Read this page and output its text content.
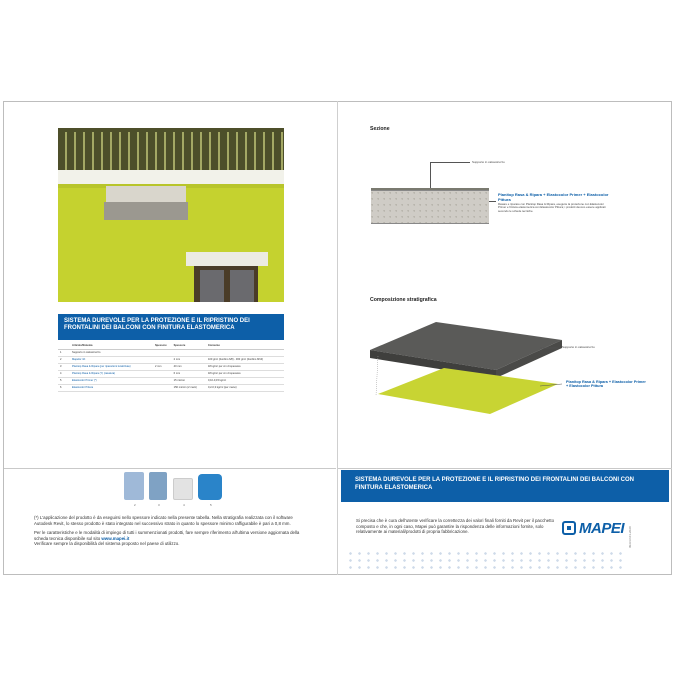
SISTEMA DUREVOLE PER LA PROTEZIONE E IL RIPRISTINO DEI FRONTALINI DEI BALCONI CON FINITURA ELASTOMERICA
	Articolo/Sistema	Spessore	Spessore	Consumo
1	Supporto in calcestruzzo			
2	Mapefer 1K		2 mm	100 g/m² (bordino 6/8) - 300 g/m² (bordino 8/10)
3	Planitop Rasa & Ripara (per riparazioni localizzate)	2 mm	40 mm	18 kg/m² per cm di spessore
4	Planitop Rasa & Ripara (Y) (rasatura)		6 mm	18 kg/m² per cm di spessore
5	Elastocolor Primer (*)		15 micron	0,10-0,15 kg/m²
6	Elastocolor Pittura		150 micron (2 mani)	0,2-0,3 kg/m² (per mano)
2	3	4	5

(*) L'applicazione del prodotto è da eseguirsi nello spessore indicato nella presente tabella. Nella stratigrafia realizzata con il software Autodesk Revit, lo stesso prodotto è stato integrato nel successivo strato in quanto lo spessore minimo raffigurabile è pari a 0,8 mm.

Per le caratteristiche e le modalità di impiego di tutti i summenzionati prodotti, fare sempre riferimento all'ultima versione aggiornata della scheda tecnica disponibile sul sito www.mapei.it
Verificare sempre la disponibilità del sistema proposto nel paese di utilizzo.

Sezione
Supporto in calcestruzzo
Planitop Rasa & Ripara + Elastocolor Primer + Elastocolor Pittura
Rasare e riparare con Planitop Rasa & Ripara, eseguire la protezione con Elastocolor Primer e finitura elastomerica con Elastocolor Pittura; i prodotti devono essere applicati secondo le schede tecniche.
Composizione stratigrafica
Supporto in calcestruzzo
Planitop Rasa & Ripara + Elastocolor Primer + Elastocolor Pittura
SISTEMA DUREVOLE PER LA PROTEZIONE E IL RIPRISTINO DEI FRONTALINI DEI BALCONI CON FINITURA ELASTOMERICA
Si precisa che è cura dell'utente verificare la correttezza dei valori finali forniti da Revit per il pacchetto composto e che, in ogni caso, Mapei può garantire la rispondenza delle informazioni fornite, solo relativamente ai materiali/prodotti di propria fabbricazione.	MAPEI IM-R-R-01-2020
